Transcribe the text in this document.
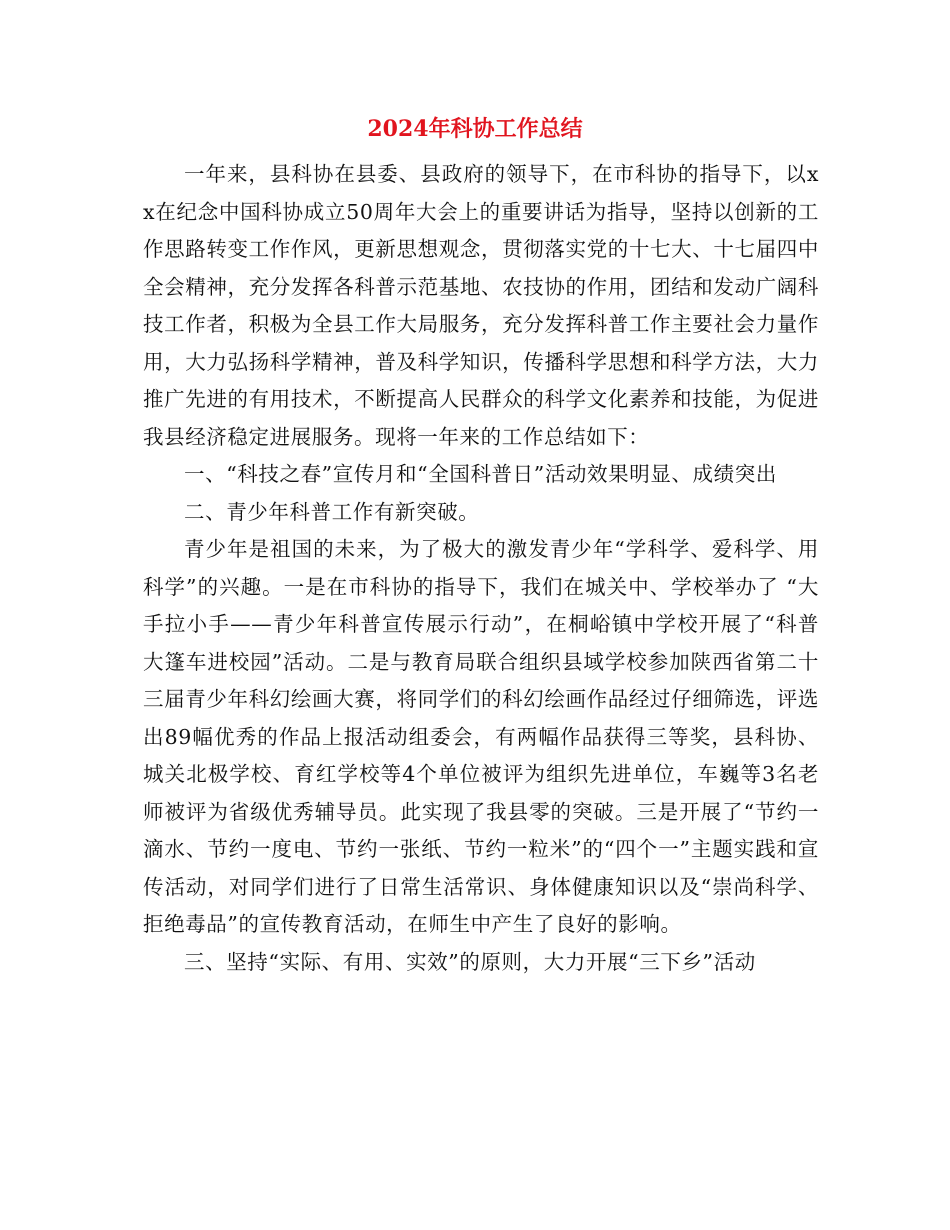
2024年科协工作总结

一年来，县科协在县委、县政府的领导下，在市科协的指导下，以xx在纪念中国科协成立50周年大会上的重要讲话为指导，坚持以创新的工作思路转变工作作风，更新思想观念，贯彻落实党的十七大、十七届四中全会精神，充分发挥各科普示范基地、农技协的作用，团结和发动广阔科技工作者，积极为全县工作大局服务，充分发挥科普工作主要社会力量作用，大力弘扬科学精神，普及科学知识，传播科学思想和科学方法，大力推广先进的有用技术，不断提高人民群众的科学文化素养和技能，为促进我县经济稳定进展服务。现将一年来的工作总结如下：

一、“科技之春”宣传月和“全国科普日”活动效果明显、成绩突出

二、青少年科普工作有新突破。

青少年是祖国的未来，为了极大的激发青少年“学科学、爱科学、用科学”的兴趣。一是在市科协的指导下，我们在城关中、学校举办了 “大手拉小手——青少年科普宣传展示行动”，在桐峪镇中学校开展了“科普大篷车进校园”活动。二是与教育局联合组织县域学校参加陕西省第二十三届青少年科幻绘画大赛，将同学们的科幻绘画作品经过仔细筛选，评选出89幅优秀的作品上报活动组委会，有两幅作品获得三等奖，县科协、城关北极学校、育红学校等4个单位被评为组织先进单位，车巍等3名老师被评为省级优秀辅导员。此实现了我县零的突破。三是开展了“节约一滴水、节约一度电、节约一张纸、节约一粒米”的“四个一”主题实践和宣传活动，对同学们进行了日常生活常识、身体健康知识以及“崇尚科学、拒绝毒品”的宣传教育活动，在师生中产生了良好的影响。

三、坚持“实际、有用、实效”的原则，大力开展“三下乡”活动
